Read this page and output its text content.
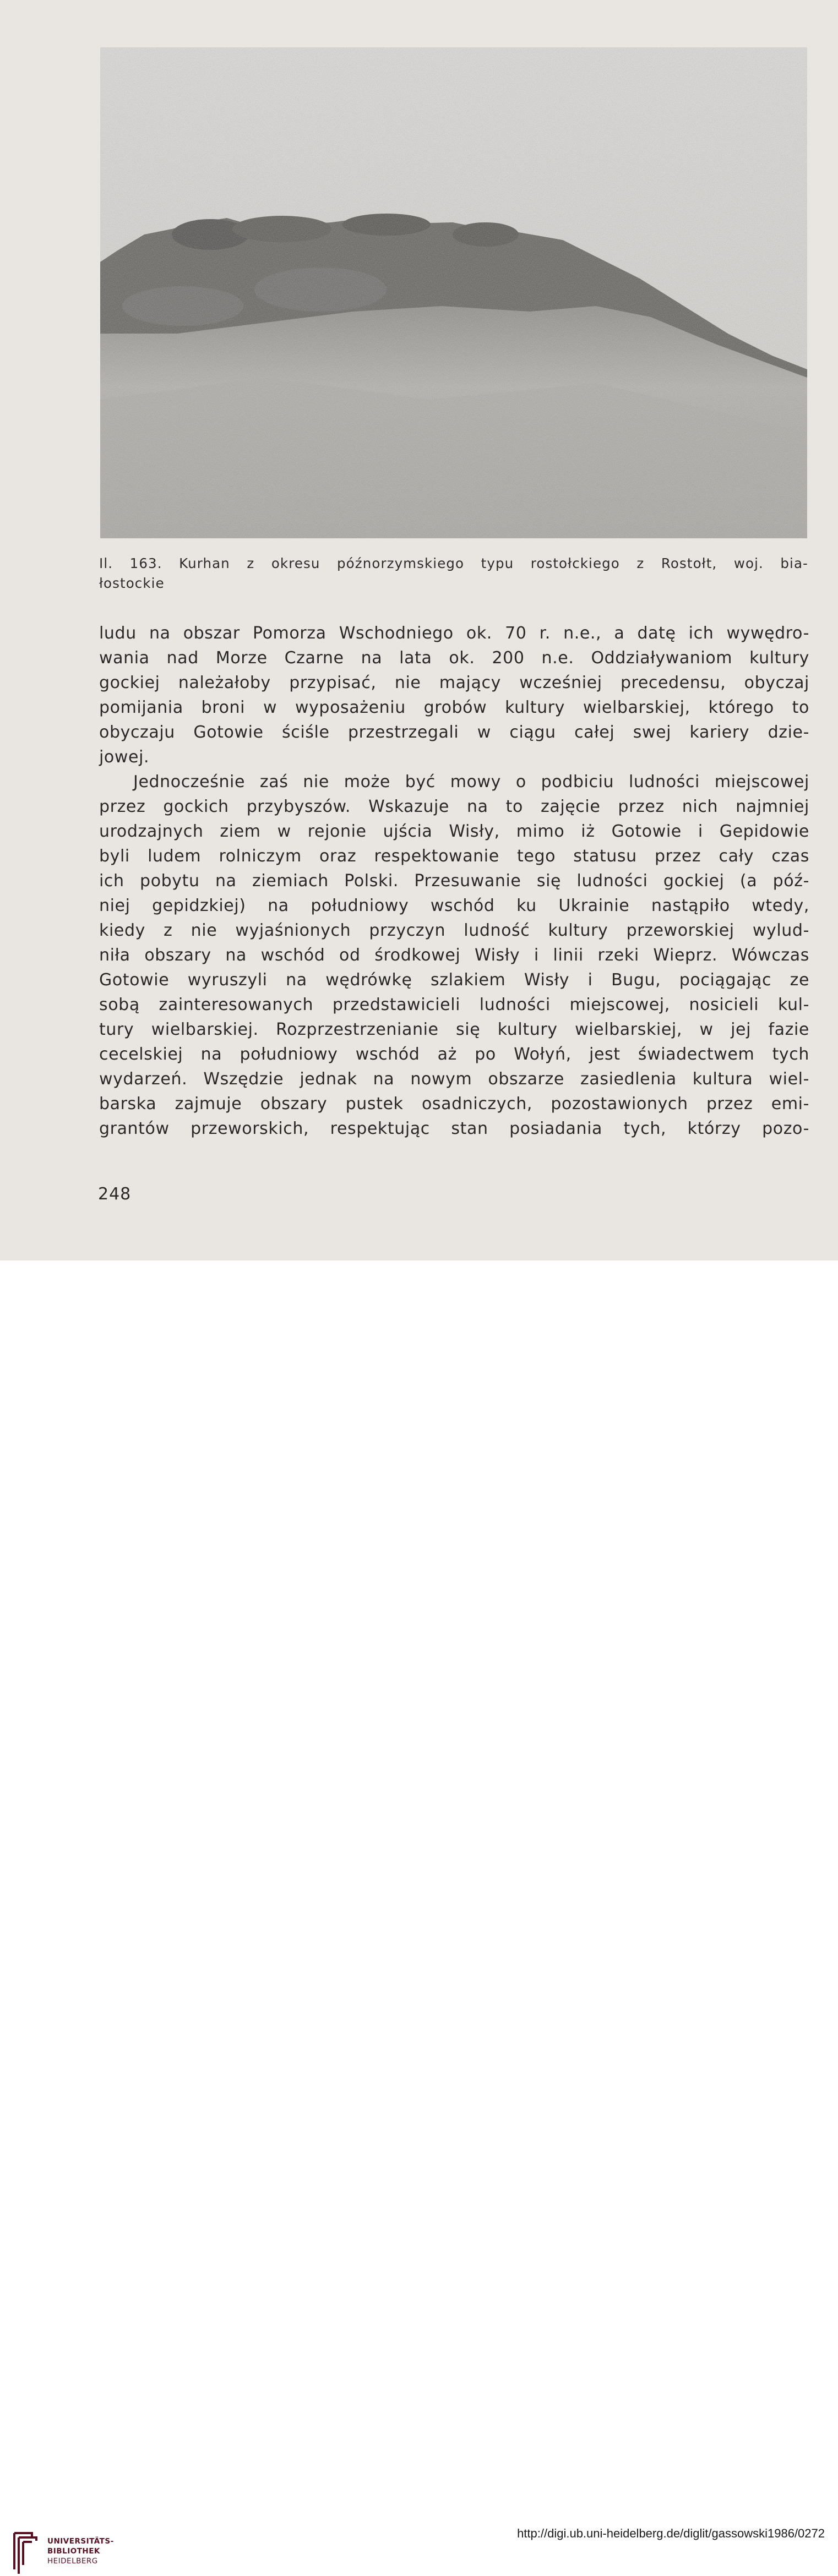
Il. 163. Kurhan z okresu późnorzymskiego typu rostołckiego z Rostołt, woj. bia-
łostockie

ludu na obszar Pomorza Wschodniego ok. 70 r. n.e., a datę ich wywędro-

wania nad Morze Czarne na lata ok. 200 n.e. Oddziaływaniom kultury

gockiej należałoby przypisać, nie mający wcześniej precedensu, obyczaj

pomijania broni w wyposażeniu grobów kultury wielbarskiej, którego to

obyczaju Gotowie ściśle przestrzegali w ciągu całej swej kariery dzie-

jowej.

Jednocześnie zaś nie może być mowy o podbiciu ludności miejscowej

przez gockich przybyszów. Wskazuje na to zajęcie przez nich najmniej

urodzajnych ziem w rejonie ujścia Wisły, mimo iż Gotowie i Gepidowie

byli ludem rolniczym oraz respektowanie tego statusu przez cały czas

ich pobytu na ziemiach Polski. Przesuwanie się ludności gockiej (a póź-

niej gepidzkiej) na południowy wschód ku Ukrainie nastąpiło wtedy,

kiedy z nie wyjaśnionych przyczyn ludność kultury przeworskiej wylud-

niła obszary na wschód od środkowej Wisły i linii rzeki Wieprz. Wówczas

Gotowie wyruszyli na wędrówkę szlakiem Wisły i Bugu, pociągając ze

sobą zainteresowanych przedstawicieli ludności miejscowej, nosicieli kul-

tury wielbarskiej. Rozprzestrzenianie się kultury wielbarskiej, w jej fazie

cecelskiej na południowy wschód aż po Wołyń, jest świadectwem tych

wydarzeń. Wszędzie jednak na nowym obszarze zasiedlenia kultura wiel-

barska zajmuje obszary pustek osadniczych, pozostawionych przez emi-

grantów przeworskich, respektując stan posiadania tych, którzy pozo-

248
UNIVERSITÄTS-
BIBLIOTHEK
HEIDELBERG
http://digi.ub.uni-heidelberg.de/diglit/gassowski1986/0272
